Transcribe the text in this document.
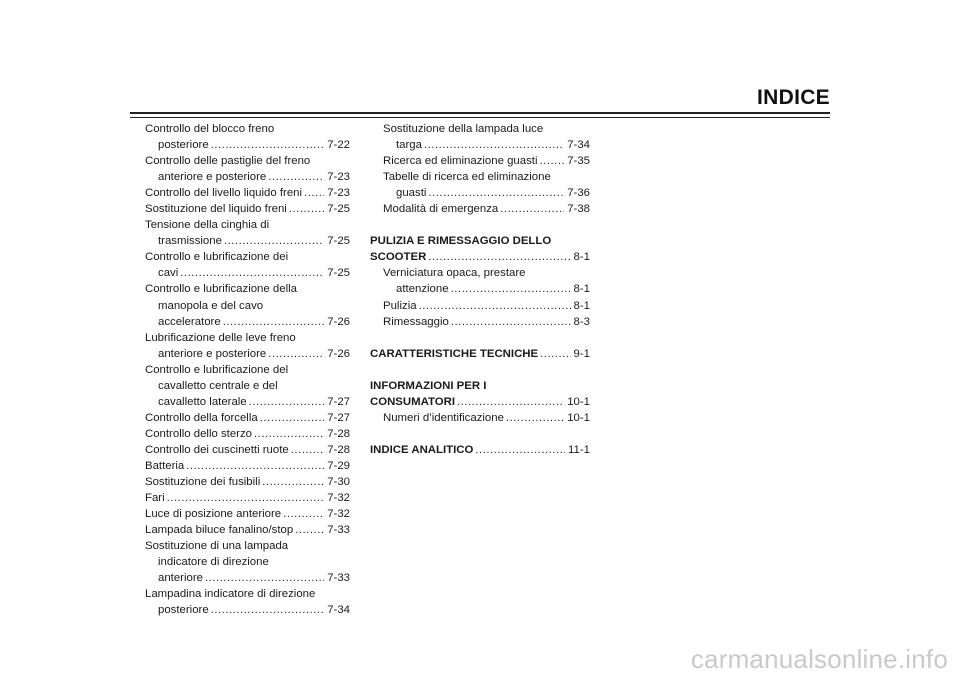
INDICE
Controllo del blocco freno
posteriore .....	7-22
Controllo delle pastiglie del freno
anteriore e posteriore .....	7-23
Controllo del livello liquido freni ..... 7-23
Sostituzione del liquido freni .....	7-25
Tensione della cinghia di
trasmissione .....	7-25
Controllo e lubrificazione dei
cavi .....	7-25
Controllo e lubrificazione della
manopola e del cavo
acceleratore .....	7-26
Lubrificazione delle leve freno
anteriore e posteriore .....	7-26
Controllo e lubrificazione del
cavalletto centrale e del
cavalletto laterale .....	7-27
Controllo della forcella .....	7-27
Controllo dello sterzo .....	7-28
Controllo dei cuscinetti ruote .....	7-28
Batteria .....	7-29
Sostituzione dei fusibili .....	7-30
Fari .....	7-32
Luce di posizione anteriore .....	7-32
Lampada biluce fanalino/stop .....	7-33
Sostituzione di una lampada
indicatore di direzione
anteriore .....	7-33
Lampadina indicatore di direzione
posteriore .....	7-34
Sostituzione della lampada luce
targa .....	7-34
Ricerca ed eliminazione guasti .....	7-35
Tabelle di ricerca ed eliminazione
guasti .....	7-36
Modalità di emergenza .....	7-38
PULIZIA E RIMESSAGGIO DELLO
SCOOTER .....	8-1
Verniciatura opaca, prestare
attenzione .....	8-1
Pulizia .....	8-1
Rimessaggio .....	8-3
CARATTERISTICHE TECNICHE .....	9-1
INFORMAZIONI PER I
CONSUMATORI .....	10-1
Numeri d’identificazione .....	10-1
INDICE ANALITICO .....	11-1
carmanualsonline.info
